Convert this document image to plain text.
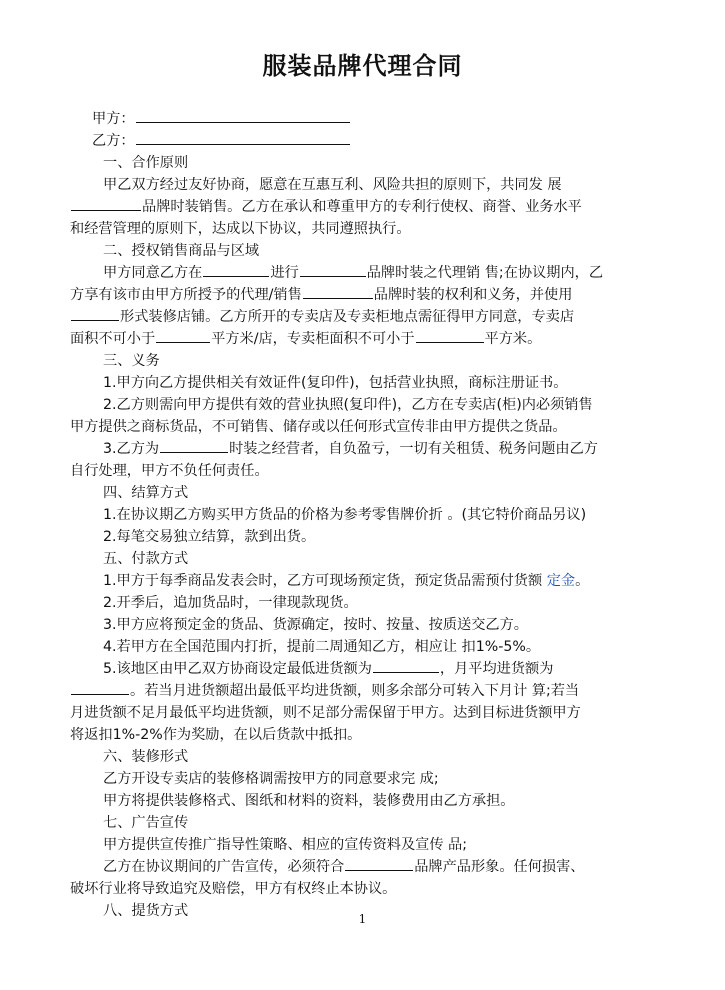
服装品牌代理合同
甲方：
乙方：
一、合作原则
甲乙双方经过友好协商，愿意在互惠互利、风险共担的原则下，共同发 展
品牌时装销售。乙方在承认和尊重甲方的专利行使权、商誉、业务水平
和经营管理的原则下，达成以下协议，共同遵照执行。
二、授权销售商品与区域
甲方同意乙方在	进行	品牌时装之代理销 售;在协议期内，乙
方享有该市由甲方所授予的代理/销售	品牌时装的权利和义务，并使用
形式装修店铺。乙方所开的专卖店及专卖柜地点需征得甲方同意，专卖店
面积不可小于	平方米/店，专卖柜面积不可小于	平方米。
三、义务
1.甲方向乙方提供相关有效证件(复印件)，包括营业执照，商标注册证书。
2.乙方则需向甲方提供有效的营业执照(复印件)，乙方在专卖店(柜)内必须销售
甲方提供之商标货品，不可销售、储存或以任何形式宣传非由甲方提供之货品。
3.乙方为	时装之经营者，自负盈亏，一切有关租赁、税务问题由乙方
自行处理，甲方不负任何责任。
四、结算方式
1.在协议期乙方购买甲方货品的价格为参考零售牌价折 。(其它特价商品另议)
2.每笔交易独立结算，款到出货。
五、付款方式
1.甲方于每季商品发表会时，乙方可现场预定货，预定货品需预付货额 定金。
2.开季后，追加货品时，一律现款现货。
3.甲方应将预定金的货品、货源确定，按时、按量、按质送交乙方。
4.若甲方在全国范围内打折，提前二周通知乙方，相应让 扣1%-5%。
5.该地区由甲乙双方协商设定最低进货额为	，月平均进货额为
。若当月进货额超出最低平均进货额，则多余部分可转入下月计 算;若当
月进货额不足月最低平均进货额，则不足部分需保留于甲方。达到目标进货额甲方
将返扣1%-2%作为奖励，在以后货款中抵扣。
六、装修形式
乙方开设专卖店的装修格调需按甲方的同意要求完 成;
甲方将提供装修格式、图纸和材料的资料，装修费用由乙方承担。
七、广告宣传
甲方提供宣传推广指导性策略、相应的宣传资料及宣传 品;
乙方在协议期间的广告宣传，必须符合	品牌产品形象。任何损害、
破坏行业将导致追究及赔偿，甲方有权终止本协议。
八、提货方式	1
